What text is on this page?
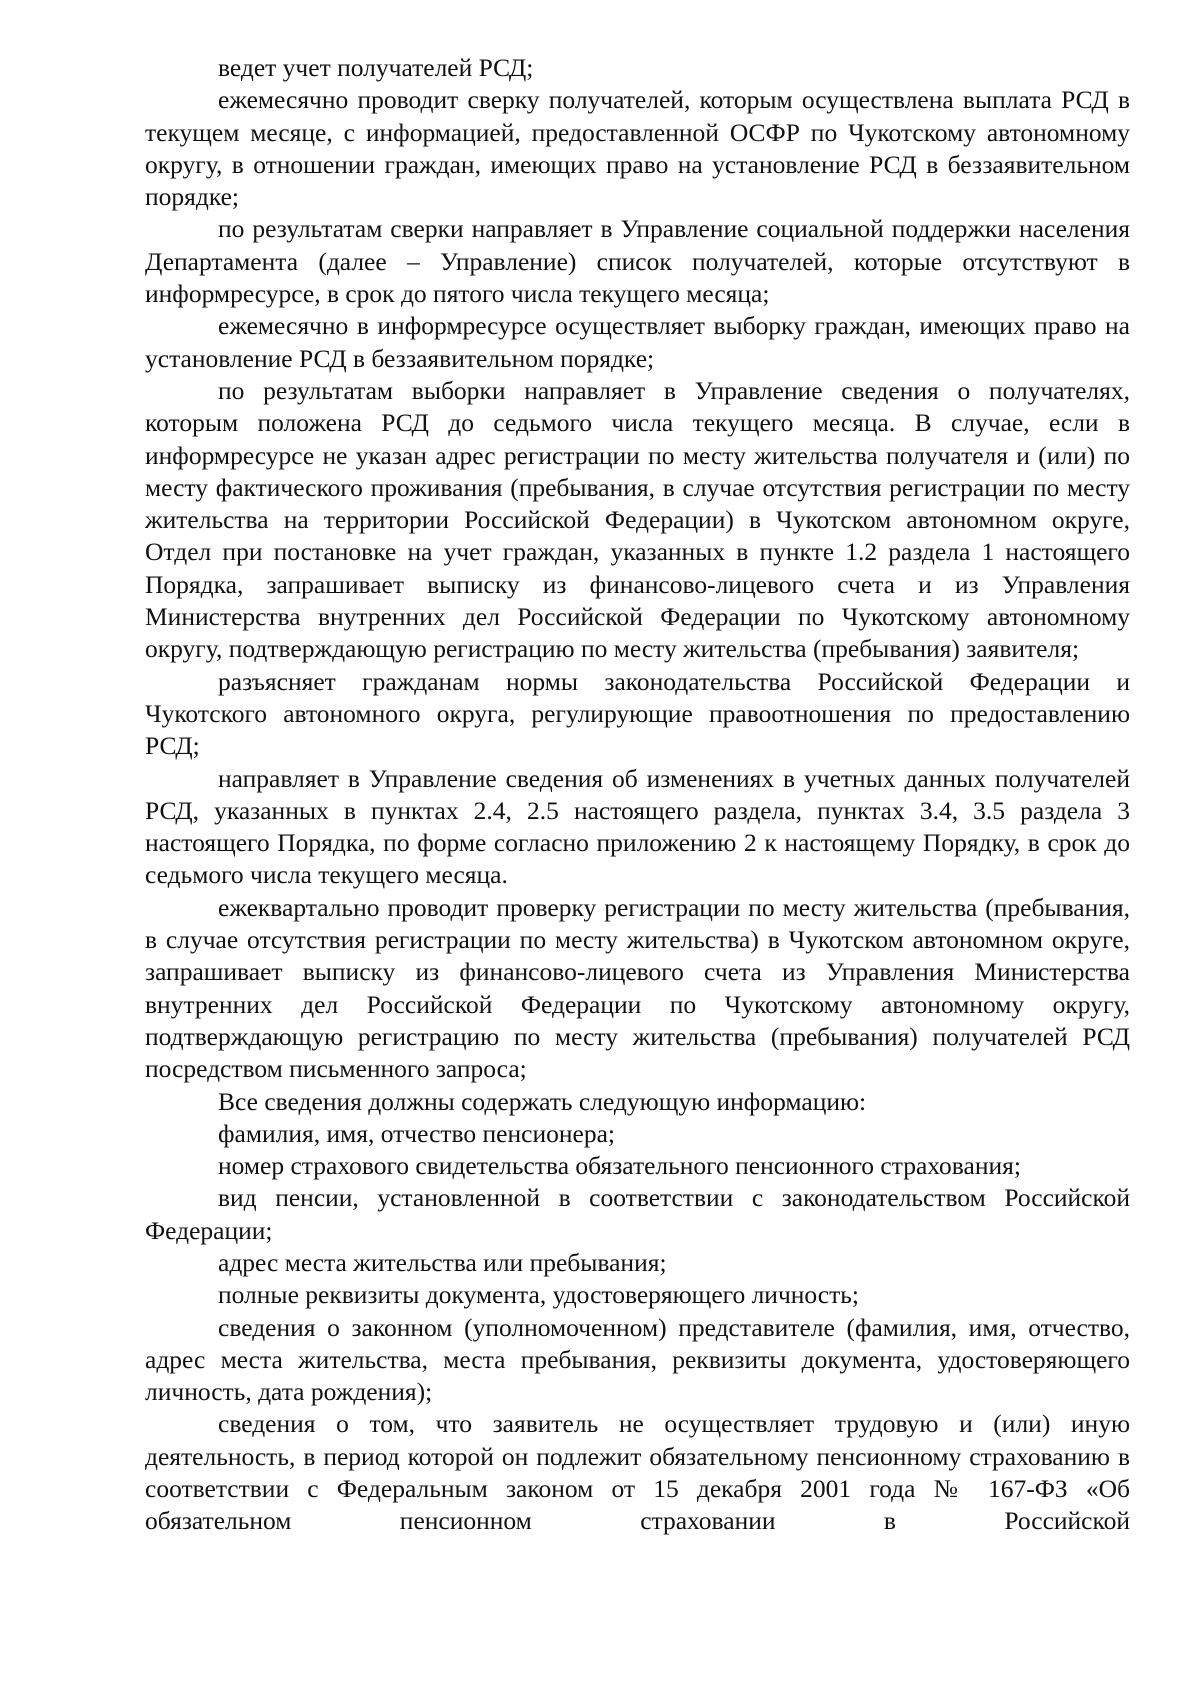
ведет учет получателей РСД;

ежемесячно проводит сверку получателей, которым осуществлена выплата РСД в текущем месяце, с информацией, предоставленной ОСФР по Чукотскому автономному округу, в отношении граждан, имеющих право на установление РСД в беззаявительном порядке;

по результатам сверки направляет в Управление социальной поддержки населения Департамента (далее – Управление) список получателей, которые отсутствуют в информресурсе, в срок до пятого числа текущего месяца;

ежемесячно в информресурсе осуществляет выборку граждан, имеющих право на установление РСД в беззаявительном порядке;

по результатам выборки направляет в Управление сведения о получателях, которым положена РСД до седьмого числа текущего месяца. В случае, если в информресурсе не указан адрес регистрации по месту жительства получателя и (или) по месту фактического проживания (пребывания, в случае отсутствия регистрации по месту жительства на территории Российской Федерации) в Чукотском автономном округе, Отдел при постановке на учет граждан, указанных в пункте 1.2 раздела 1 настоящего Порядка, запрашивает выписку из финансово-лицевого счета и из Управления Министерства внутренних дел Российской Федерации по Чукотскому автономному округу, подтверждающую регистрацию по месту жительства (пребывания) заявителя;

разъясняет гражданам нормы законодательства Российской Федерации и Чукотского автономного округа, регулирующие правоотношения по предоставлению РСД;

направляет в Управление сведения об изменениях в учетных данных получателей РСД, указанных в пунктах 2.4, 2.5 настоящего раздела, пунктах 3.4, 3.5 раздела 3 настоящего Порядка, по форме согласно приложению 2 к настоящему Порядку, в срок до седьмого числа текущего месяца.

ежеквартально проводит проверку регистрации по месту жительства (пребывания, в случае отсутствия регистрации по месту жительства) в Чукотском автономном округе, запрашивает выписку из финансово-лицевого счета из Управления Министерства внутренних дел Российской Федерации по Чукотскому автономному округу, подтверждающую регистрацию по месту жительства (пребывания) получателей РСД посредством письменного запроса;

Все сведения должны содержать следующую информацию:

фамилия, имя, отчество пенсионера;

номер страхового свидетельства обязательного пенсионного страхования;

вид пенсии, установленной в соответствии с законодательством Российской Федерации;

адрес места жительства или пребывания;

полные реквизиты документа, удостоверяющего личность;

сведения о законном (уполномоченном) представителе (фамилия, имя, отчество, адрес места жительства, места пребывания, реквизиты документа, удостоверяющего личность, дата рождения);

сведения о том, что заявитель не осуществляет трудовую и (или) иную деятельность, в период которой он подлежит обязательному пенсионному страхованию в соответствии с Федеральным законом от 15 декабря 2001 года № 167-ФЗ «Об обязательном пенсионном страховании в Российской
